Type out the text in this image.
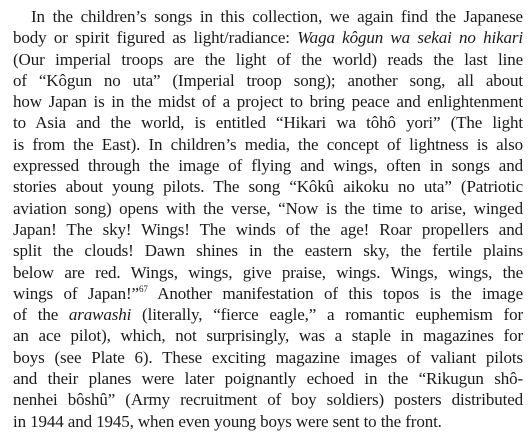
In the children’s songs in this collection, we again find the Japanese
body or spirit figured as light/radiance: Waga kôgun wa sekai no hikari
(Our imperial troops are the light of the world) reads the last line
of “Kôgun no uta” (Imperial troop song); another song, all about
how Japan is in the midst of a project to bring peace and enlightenment
to Asia and the world, is entitled “Hikari wa tôhô yori” (The light
is from the East). In children’s media, the concept of lightness is also
expressed through the image of flying and wings, often in songs and
stories about young pilots. The song “Kôkû aikoku no uta” (Patriotic
aviation song) opens with the verse, “Now is the time to arise, winged
Japan! The sky! Wings! The winds of the age! Roar propellers and
split the clouds! Dawn shines in the eastern sky, the fertile plains
below are red. Wings, wings, give praise, wings. Wings, wings, the
wings of Japan!”$^{67}$ Another manifestation of this topos is the image
of the arawashi (literally, “fierce eagle,” a romantic euphemism for
an ace pilot), which, not surprisingly, was a staple in magazines for
boys (see Plate 6). These exciting magazine images of valiant pilots
and their planes were later poignantly echoed in the “Rikugun shô-
nenhei bôshû” (Army recruitment of boy soldiers) posters distributed
in 1944 and 1945, when even young boys were sent to the front.
